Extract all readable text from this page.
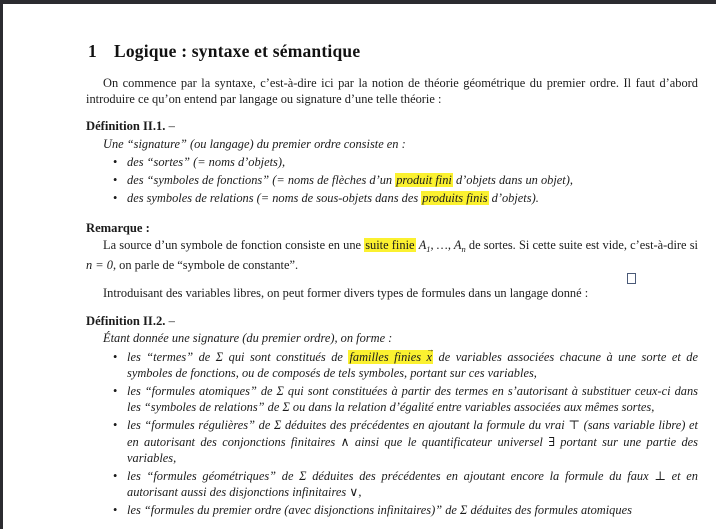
1 Logique : syntaxe et sémantique

On commence par la syntaxe, c’est-à-dire ici par la notion de théorie géométrique du premier ordre. Il faut d’abord introduire ce qu’on entend par langage ou signature d’une telle théorie :

Définition II.1. –

Une “signature” (ou langage) du premier ordre consiste en :

• des “sortes” (= noms d’objets),
• des “symboles de fonctions” (= noms de flèches d’un produit fini d’objets dans un objet),
• des symboles de relations (= noms de sous-objets dans des produits finis d’objets).
Remarque :

La source d’un symbole de fonction consiste en une suite finie $A_1$, …, $A_n$ de sortes. Si cette suite est vide, c’est-à-dire si n = 0, on parle de “symbole de constante”.

Introduisant des variables libres, on peut former divers types de formules dans un langage donné :

Définition II.2. –

Étant donnée une signature (du premier ordre), on forme :

• les “termes” de Σ qui sont constitués de familles finies x → de variables associées chacune à une sorte et de symboles de fonctions, ou de composés de tels symboles, portant sur ces variables,
• les “formules atomiques” de Σ qui sont constituées à partir des termes en s’autorisant à substituer ceux-ci dans les “symboles de relations” de Σ ou dans la relation d’égalité entre variables associées aux mêmes sortes,
• les “formules régulières” de Σ déduites des précédentes en ajoutant la formule du vrai ⊤ (sans variable libre) et en autorisant des conjonctions finitaires ∧ ainsi que le quantificateur universel ∃ portant sur une partie des variables,
• les “formules géométriques” de Σ déduites des précédentes en ajoutant encore la formule du faux ⊥ et en autorisant aussi des disjonctions infinitaires ∨,
• les “formules du premier ordre (avec disjonctions infinitaires)” de Σ déduites des formules atomiques
